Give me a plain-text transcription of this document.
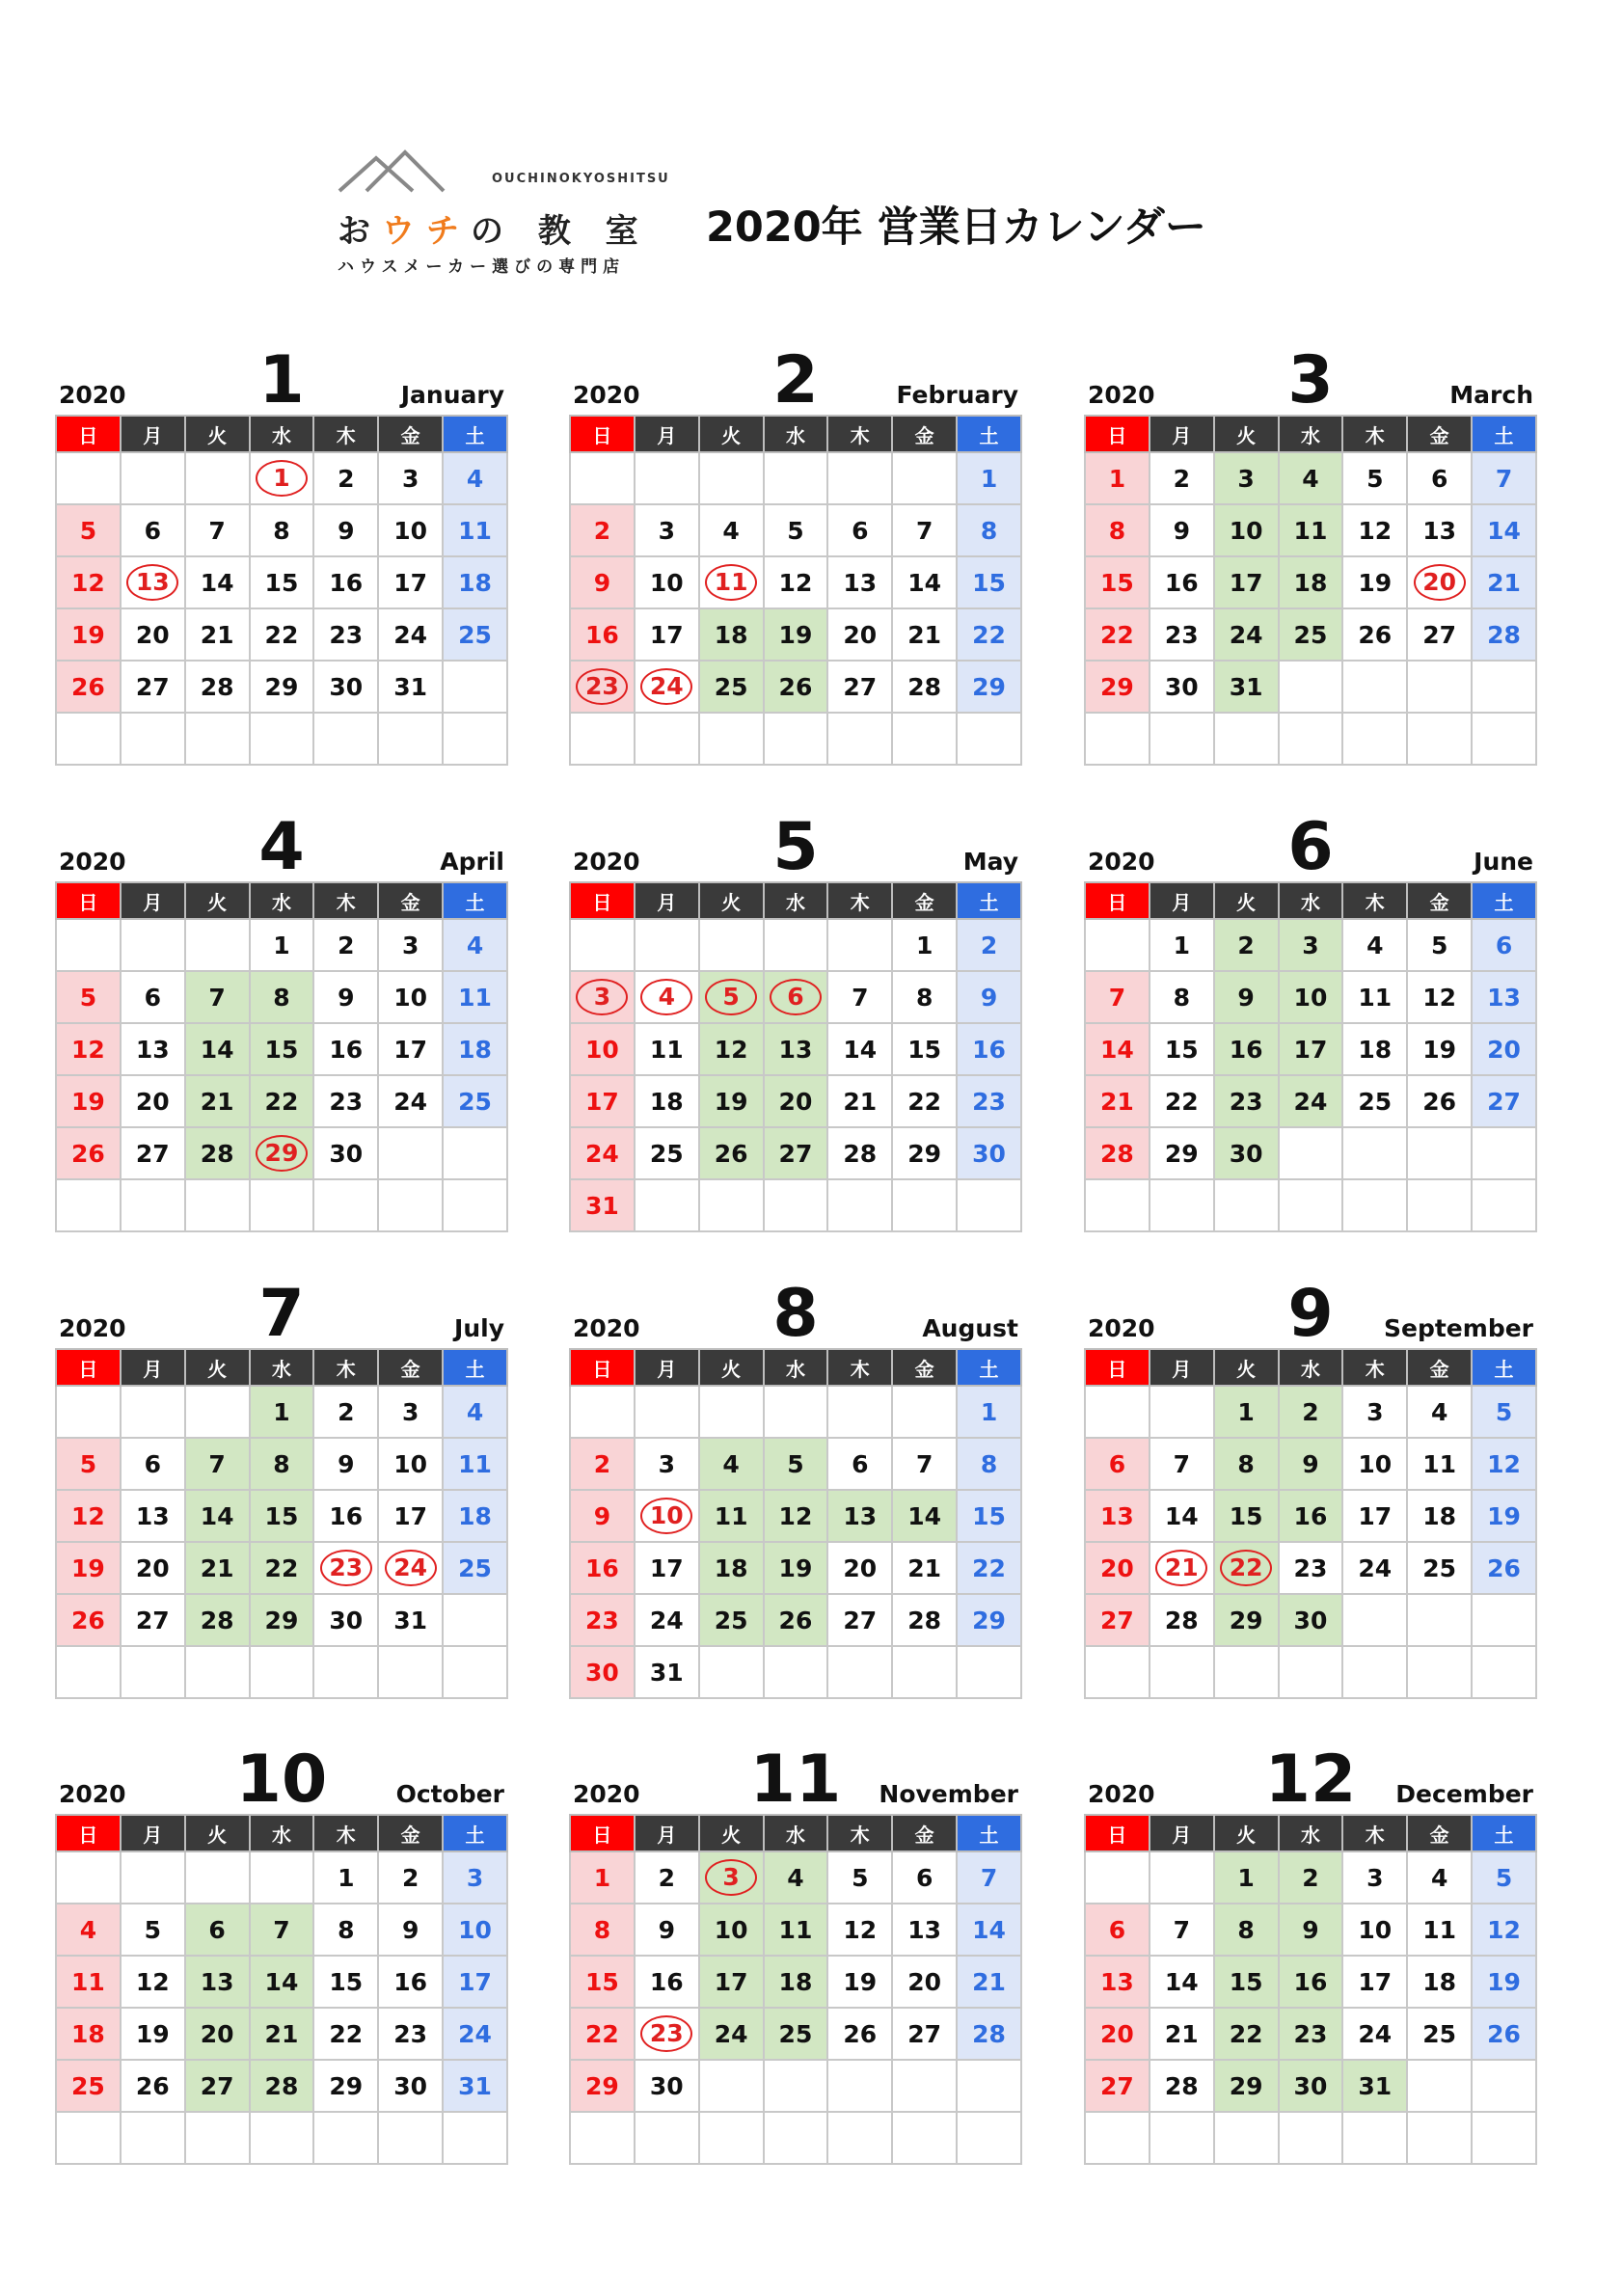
OUCHINOKYOSHITSU
おウチの 教 室
ハウスメーカー選びの専門店
2020年 営業日カレンダー
2020	1	January
日	月	火	水	木	金	土
			1	2	3	4
5	6	7	8	9	10	11
12	13	14	15	16	17	18
19	20	21	22	23	24	25
26	27	28	29	30	31	

2020	2	February
日	月	火	水	木	金	土
						1
2	3	4	5	6	7	8
9	10	11	12	13	14	15
16	17	18	19	20	21	22
23	24	25	26	27	28	29

2020	3	March
日	月	火	水	木	金	土
1	2	3	4	5	6	7
8	9	10	11	12	13	14
15	16	17	18	19	20	21
22	23	24	25	26	27	28
29	30	31				

2020	4	April
日	月	火	水	木	金	土
			1	2	3	4
5	6	7	8	9	10	11
12	13	14	15	16	17	18
19	20	21	22	23	24	25
26	27	28	29	30		

2020	5	May
日	月	火	水	木	金	土
					1	2
3	4	5	6	7	8	9
10	11	12	13	14	15	16
17	18	19	20	21	22	23
24	25	26	27	28	29	30
31						
2020	6	June
日	月	火	水	木	金	土
	1	2	3	4	5	6
7	8	9	10	11	12	13
14	15	16	17	18	19	20
21	22	23	24	25	26	27
28	29	30				

2020	7	July
日	月	火	水	木	金	土
			1	2	3	4
5	6	7	8	9	10	11
12	13	14	15	16	17	18
19	20	21	22	23	24	25
26	27	28	29	30	31	

2020	8	August
日	月	火	水	木	金	土
						1
2	3	4	5	6	7	8
9	10	11	12	13	14	15
16	17	18	19	20	21	22
23	24	25	26	27	28	29
30	31					
2020	9	September
日	月	火	水	木	金	土
		1	2	3	4	5
6	7	8	9	10	11	12
13	14	15	16	17	18	19
20	21	22	23	24	25	26
27	28	29	30			

2020	10	October
日	月	火	水	木	金	土
				1	2	3
4	5	6	7	8	9	10
11	12	13	14	15	16	17
18	19	20	21	22	23	24
25	26	27	28	29	30	31

2020	11	November
日	月	火	水	木	金	土
1	2	3	4	5	6	7
8	9	10	11	12	13	14
15	16	17	18	19	20	21
22	23	24	25	26	27	28
29	30					

2020	12	December
日	月	火	水	木	金	土
		1	2	3	4	5
6	7	8	9	10	11	12
13	14	15	16	17	18	19
20	21	22	23	24	25	26
27	28	29	30	31		
